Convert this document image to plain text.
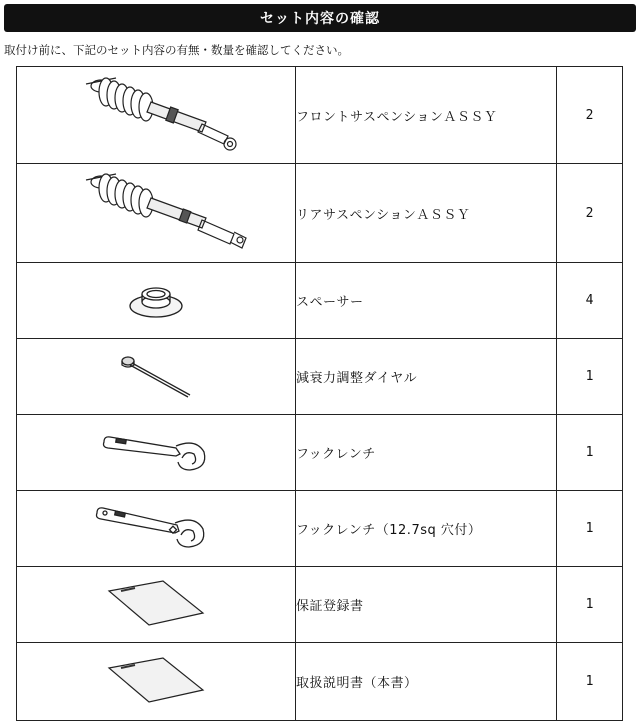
セット内容の確認
取付け前に、下記のセット内容の有無・数量を確認してください。
	フロントサスペンションＡＳＳＹ	2

	リアサスペンションＡＳＳＹ	2

	スペーサー	4

	減衰力調整ダイヤル	1

	フックレンチ	1

	フックレンチ（12.7sq 穴付）	1

	保証登録書	1

	取扱説明書（本書）	1
